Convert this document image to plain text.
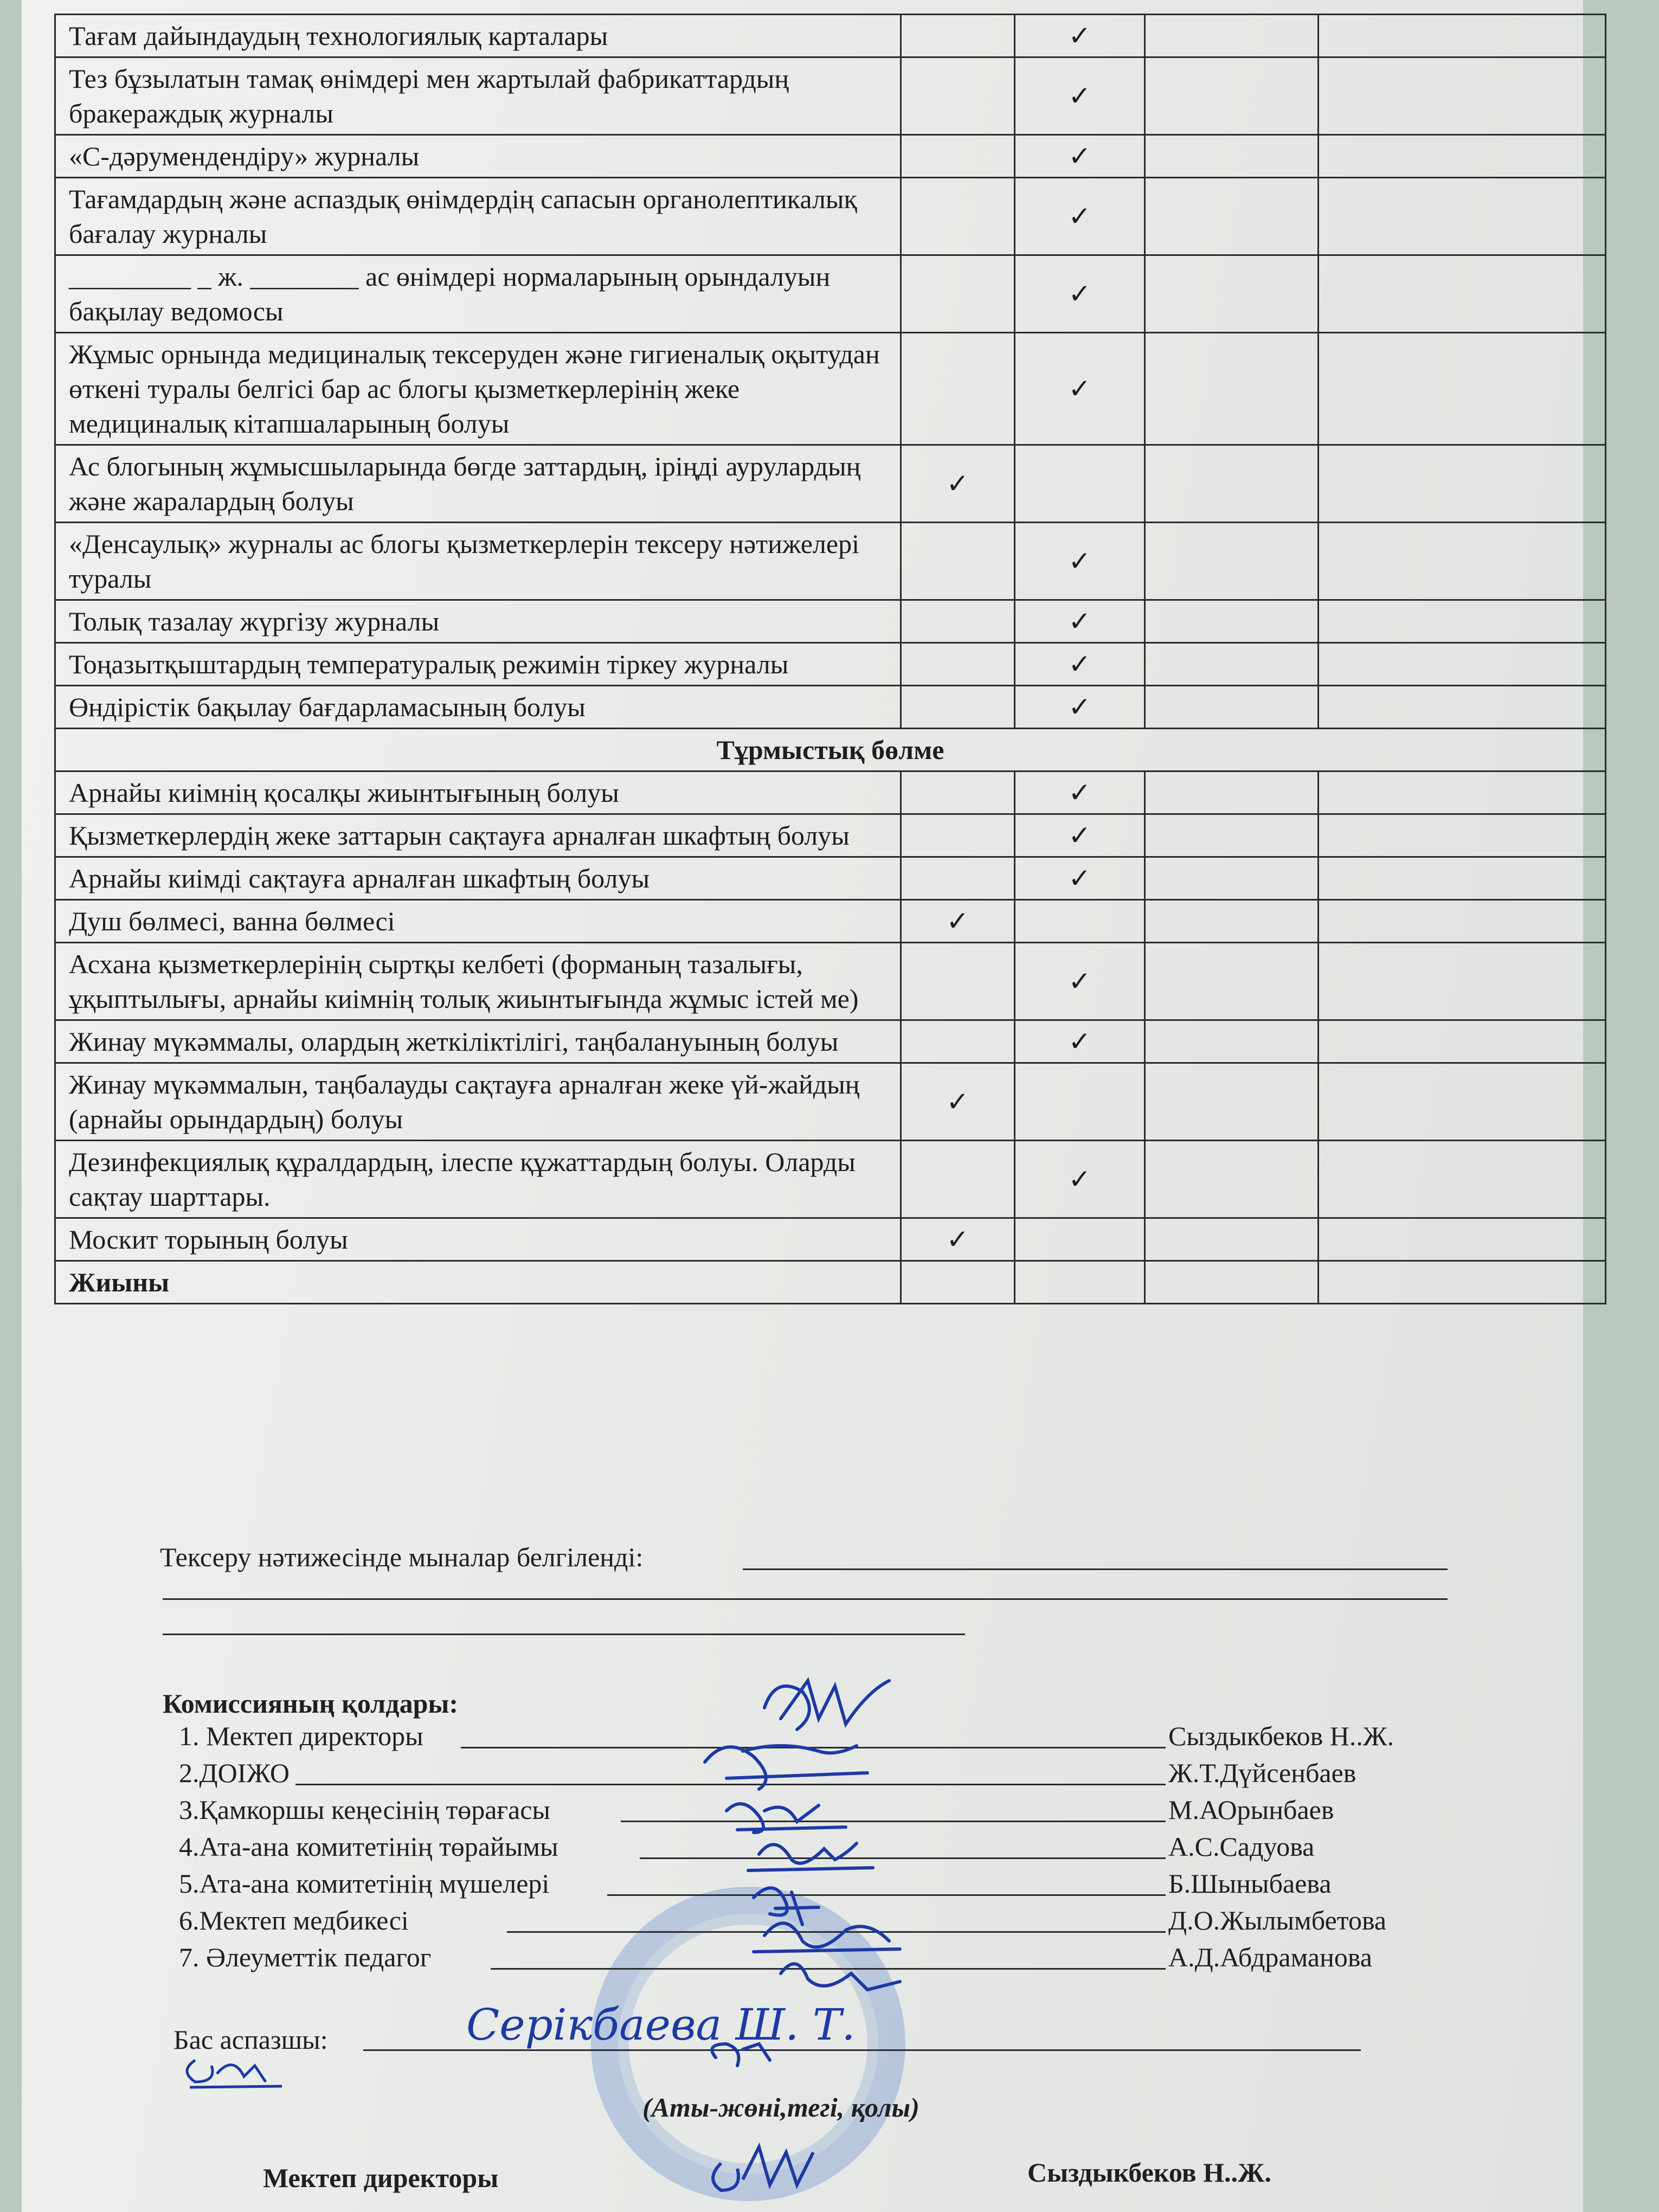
Тағам дайындаудың технологиялық карталары		✓		
Тез бұзылатын тамақ өнімдері мен жартылай фабрикаттардың бракераждық журналы		✓		
«С-дәрумендендіру» журналы		✓		
Тағамдардың және аспаздық өнімдердің сапасын органолептикалық бағалау журналы		✓		
_________ _ ж. ________ ас өнімдері нормаларының орындалуын бақылау ведомосы		✓		
Жұмыс орнында медициналық тексеруден және гигиеналық оқытудан өткені туралы белгісі бар ас блогы қызметкерлерінің жеке медициналық кітапшаларының болуы		✓		
Ас блогының жұмысшыларында бөгде заттардың, іріңді аурулардың және жаралардың болуы	✓			
«Денсаулық» журналы ас блогы қызметкерлерін тексеру нәтижелері туралы		✓		
Толық тазалау жүргізу журналы		✓		
Тоңазытқыштардың температуралық режимін тіркеу журналы		✓		
Өндірістік бақылау бағдарламасының болуы		✓		
Тұрмыстық бөлме				
Арнайы киімнің қосалқы жиынтығының болуы		✓		
Қызметкерлердің жеке заттарын сақтауға арналған шкафтың болуы		✓		
Арнайы киімді сақтауға арналған шкафтың болуы		✓		
Душ бөлмесі, ванна бөлмесі	✓			
Асхана қызметкерлерінің сыртқы келбеті (форманың тазалығы, ұқыптылығы, арнайы киімнің толық жиынтығында жұмыс істей ме)		✓		
Жинау мүкәммалы, олардың жеткіліктілігі, таңбалануының болуы		✓		
Жинау мүкәммалын, таңбалауды сақтауға арналған жеке үй-жайдың (арнайы орындардың) болуы	✓			
Дезинфекциялық құралдардың, ілеспе құжаттардың болуы. Оларды сақтау шарттары.		✓		
Москит торының болуы	✓			
Жиыны				
Тексеру нәтижесінде мыналар белгіленді:
Комиссияның қолдары:
1. Мектеп директоры	Сыздыкбеков Н..Ж.
2.ДОІЖО	Ж.Т.Дүйсенбаев
3.Қамкоршы кеңесінің төрағасы	М.АОрынбаев
4.Ата-ана комитетінің төрайымы	А.С.Садуова
5.Ата-ана комитетінің мүшелері	Б.Шыныбаева
6.Мектеп медбикесі	Д.О.Жылымбетова
7. Әлеуметтік педагог	А.Д.Абдраманова
Бас аспазшы:	Серікбаева Ш. Т.
(Аты-жөні,тегі, қолы)
Мектеп директоры	Сыздыкбеков Н..Ж.
